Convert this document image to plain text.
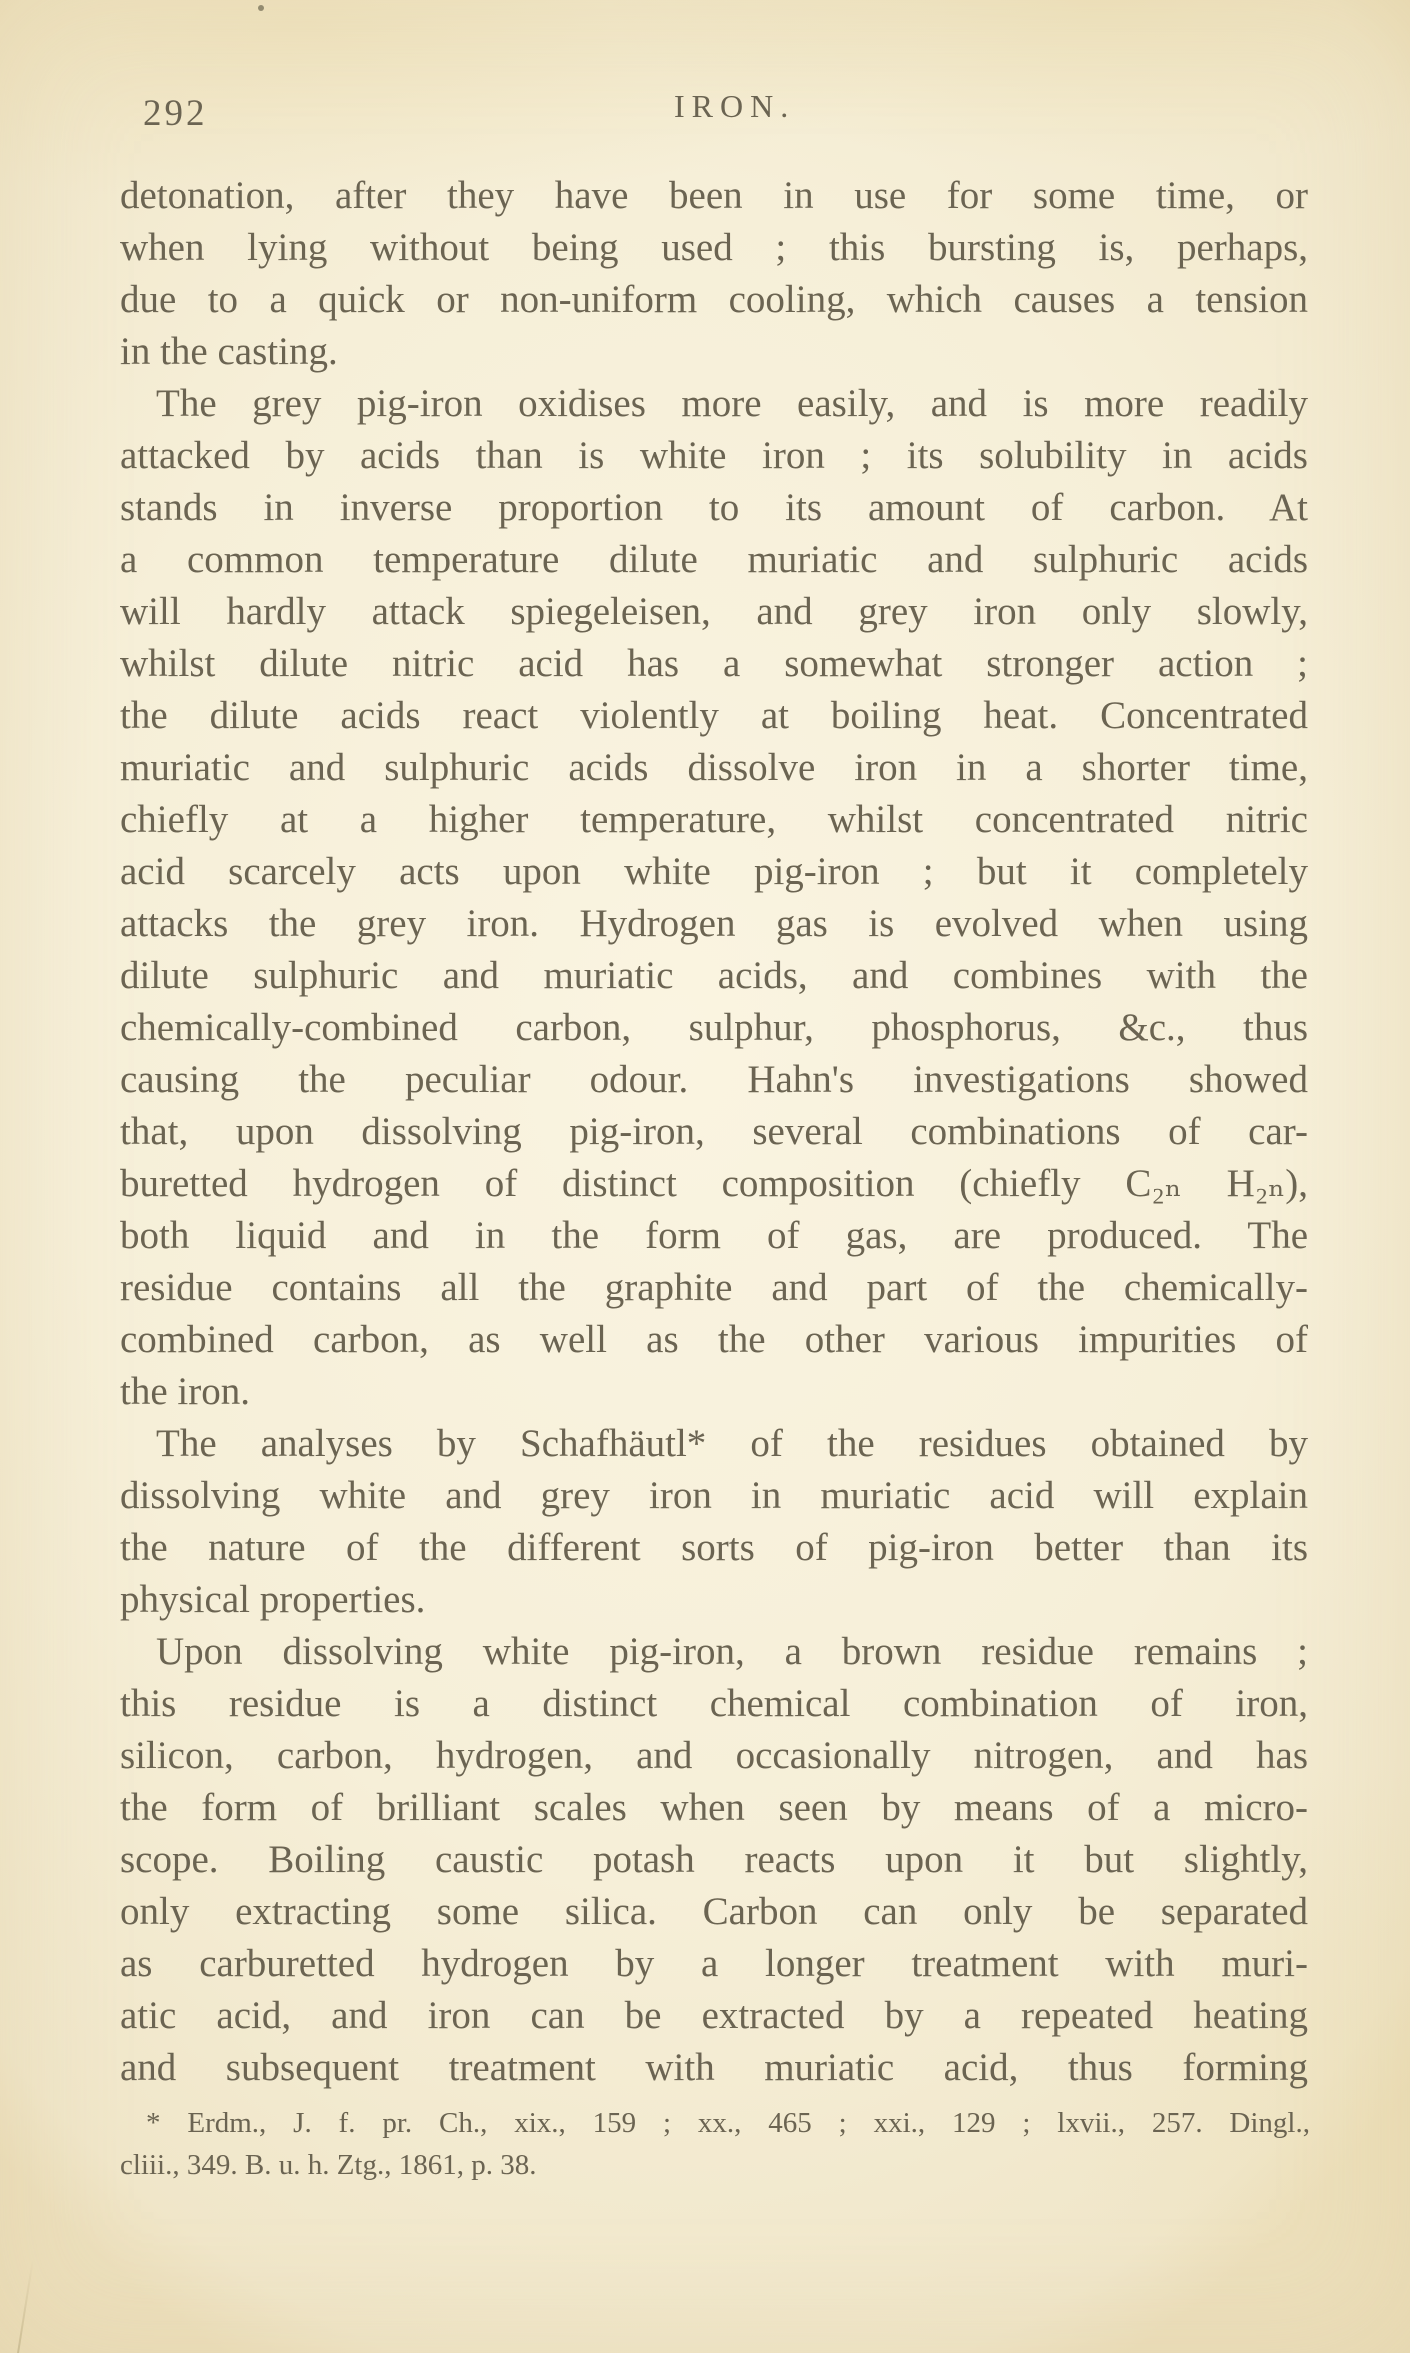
292	IRON.
detonation, after they have been in use for some time, or
when lying without being used ; this bursting is, perhaps,
due to a quick or non-uniform cooling, which causes a tension
in the casting.
The grey pig-iron oxidises more easily, and is more readily
attacked by acids than is white iron ; its solubility in acids
stands in inverse proportion to its amount of carbon. At
a common temperature dilute muriatic and sulphuric acids
will hardly attack spiegeleisen, and grey iron only slowly,
whilst dilute nitric acid has a somewhat stronger action ;
the dilute acids react violently at boiling heat. Concentrated
muriatic and sulphuric acids dissolve iron in a shorter time,
chiefly at a higher temperature, whilst concentrated nitric
acid scarcely acts upon white pig-iron ; but it completely
attacks the grey iron. Hydrogen gas is evolved when using
dilute sulphuric and muriatic acids, and combines with the
chemically-combined carbon, sulphur, phosphorus, &c., thus
causing the peculiar odour. Hahn's investigations showed
that, upon dissolving pig-iron, several combinations of car-
buretted hydrogen of distinct composition (chiefly C₂ₙ H₂ₙ),
both liquid and in the form of gas, are produced. The
residue contains all the graphite and part of the chemically-
combined carbon, as well as the other various impurities of
the iron.
The analyses by Schafhäutl* of the residues obtained by
dissolving white and grey iron in muriatic acid will explain
the nature of the different sorts of pig-iron better than its
physical properties.
Upon dissolving white pig-iron, a brown residue remains ;
this residue is a distinct chemical combination of iron,
silicon, carbon, hydrogen, and occasionally nitrogen, and has
the form of brilliant scales when seen by means of a micro-
scope. Boiling caustic potash reacts upon it but slightly,
only extracting some silica. Carbon can only be separated
as carburetted hydrogen by a longer treatment with muri-
atic acid, and iron can be extracted by a repeated heating
and subsequent treatment with muriatic acid, thus forming
* Erdm., J. f. pr. Ch., xix., 159 ; xx., 465 ; xxi., 129 ; lxvii., 257. Dingl.,
cliii., 349. B. u. h. Ztg., 1861, p. 38.
